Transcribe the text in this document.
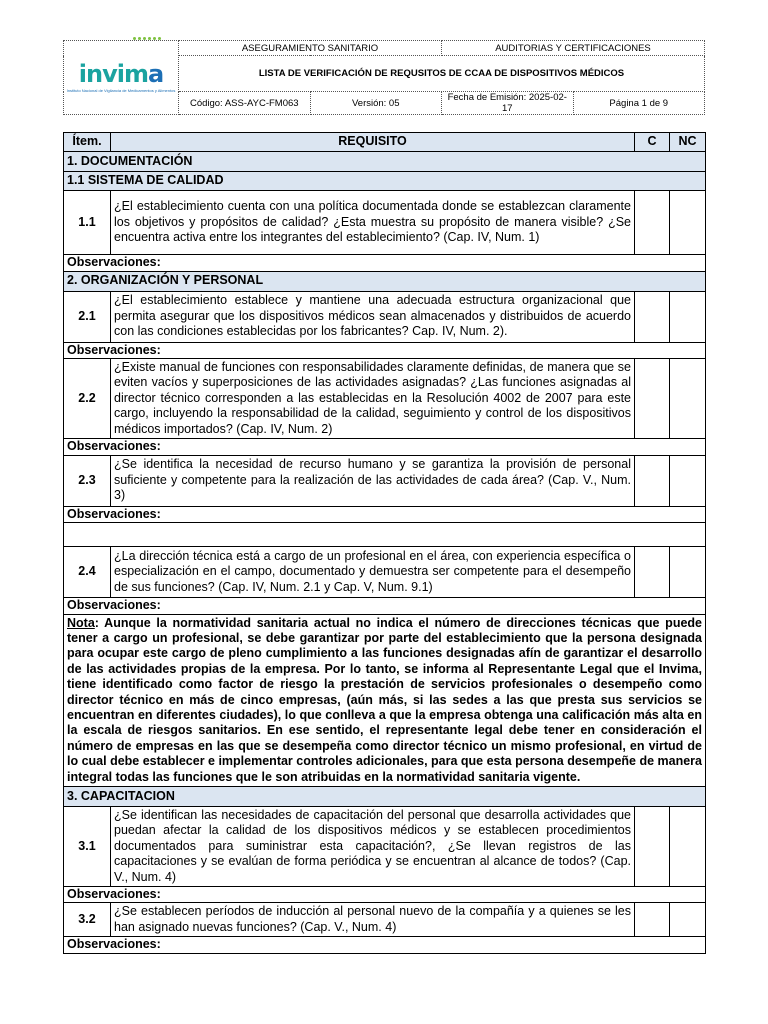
invima
Instituto Nacional de Vigilancia de Medicamentos y Alimentos	ASEGURAMIENTO SANITARIO		AUDITORIAS Y CERTIFICACIONES	
	LISTA DE VERIFICACIÓN DE REQUSITOS DE CCAA DE DISPOSITIVOS MÉDICOS			
	Código: ASS-AYC-FM063	Versión: 05	Fecha de Emisión: 2025-02-17	Página 1 de 9
Ítem.	REQUISITO	C	NC
1. DOCUMENTACIÓN			
1.1 SISTEMA DE CALIDAD			
1.1	¿El establecimiento cuenta con una política documentada donde se establezcan claramente los objetivos y propósitos de calidad? ¿Esta muestra su propósito de manera visible? ¿Se encuentra activa entre los integrantes del establecimiento? (Cap. IV, Num. 1)		
Observaciones:			
2. ORGANIZACIÓN Y PERSONAL			
2.1	¿El establecimiento establece y mantiene una adecuada estructura organizacional que permita asegurar que los dispositivos médicos sean almacenados y distribuidos de acuerdo con las condiciones establecidas por los fabricantes? Cap. IV, Num. 2).		
Observaciones:			
2.2	¿Existe manual de funciones con responsabilidades claramente definidas, de manera que se eviten vacíos y superposiciones de las actividades asignadas? ¿Las funciones asignadas al director técnico corresponden a las establecidas en la Resolución 4002 de 2007 para este cargo, incluyendo la responsabilidad de la calidad, seguimiento y control de los dispositivos médicos importados? (Cap. IV, Num. 2)		
Observaciones:			
2.3	¿Se identifica la necesidad de recurso humano y se garantiza la provisión de personal suficiente y competente para la realización de las actividades de cada área? (Cap. V., Num. 3)		
Observaciones:			

2.4	¿La dirección técnica está a cargo de un profesional en el área, con experiencia específica o especialización en el campo, documentado y demuestra ser competente para el desempeño de sus funciones? (Cap. IV, Num. 2.1 y Cap. V, Num. 9.1)		
Observaciones:			
Nota: Aunque la normatividad sanitaria actual no indica el número de direcciones técnicas que puede tener a cargo un profesional, se debe garantizar por parte del establecimiento que la persona designada para ocupar este cargo de pleno cumplimiento a las funciones designadas afín de garantizar el desarrollo de las actividades propias de la empresa. Por lo tanto, se informa al Representante Legal que el Invima, tiene identificado como factor de riesgo la prestación de servicios profesionales o desempeño como director técnico en más de cinco empresas, (aún más, si las sedes a las que presta sus servicios se encuentran en diferentes ciudades), lo que conlleva a que la empresa obtenga una calificación más alta en la escala de riesgos sanitarios. En ese sentido, el representante legal debe tener en consideración el número de empresas en las que se desempeña como director técnico un mismo profesional, en virtud de lo cual debe establecer e implementar controles adicionales, para que esta persona desempeñe de manera integral todas las funciones que le son atribuidas en la normatividad sanitaria vigente.			
3. CAPACITACION			
3.1	¿Se identifican las necesidades de capacitación del personal que desarrolla actividades que puedan afectar la calidad de los dispositivos médicos y se establecen procedimientos documentados para suministrar esta capacitación?, ¿Se llevan registros de las capacitaciones y se evalúan de forma periódica y se encuentran al alcance de todos? (Cap. V., Num. 4)		
Observaciones:			
3.2	¿Se establecen períodos de inducción al personal nuevo de la compañía y a quienes se les han asignado nuevas funciones? (Cap. V., Num. 4)		
Observaciones:			
